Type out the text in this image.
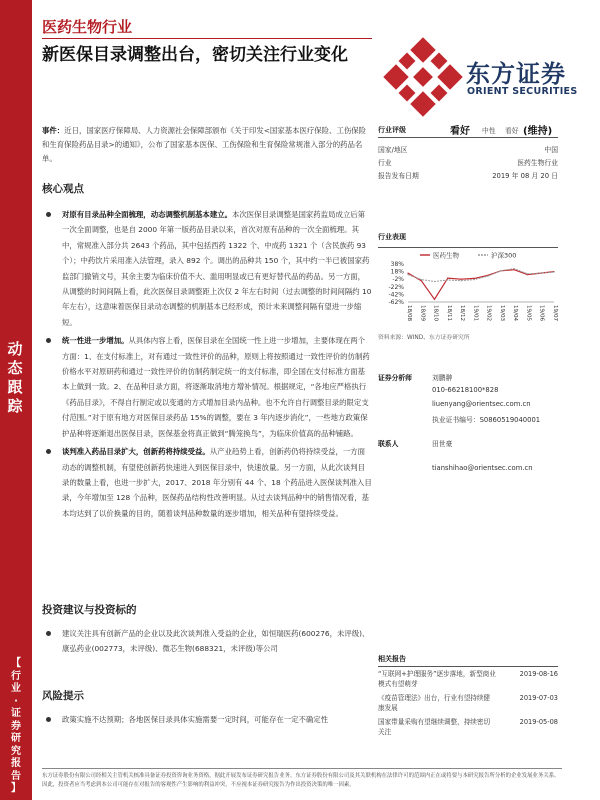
动
态
跟
踪
【
行
业
·
证
券
研
究
报
告
】
医药生物行业
新医保目录调整出台，密切关注行业变化
东方证券
ORIENT SECURITIES
事件：近日，国家医疗保障局、人力资源社会保障部颁布《关于印发<国家基本医疗保险、工伤保险和生育保险药品目录>的通知》，公布了国家基本医保、工伤保险和生育保险常规准入部分的药品名单。
核心观点
对原有目录品种全面梳理，动态调整机制基本建立。本次医保目录调整是国家药监局成立后第一次全面调整，也是自 2000 年第一版药品目录以来，首次对原有品种的一次全面梳理。其中，常规准入部分共 2643 个药品，其中包括西药 1322 个、中成药 1321 个（含民族药 93 个）；中药饮片采用准入法管理，录入 892 个。调出的品种共 150 个，其中约一半已被国家药监部门撤销文号，其余主要为临床价值不大、滥用明显或已有更好替代品的药品。另一方面，从调整的时间间隔上看，此次医保目录调整距上次仅 2 年左右时间（过去调整的时间间隔约 10 年左右），这意味着医保目录动态调整的机制基本已经形成，预计未来调整间隔有望进一步缩短。
统一性进一步增加。从具体内容上看，医保目录在全国统一性上进一步增加，主要体现在两个方面：1、在支付标准上，对有通过一致性评价的品种，原则上将按照通过一致性评价的仿制药价格水平对原研药和通过一致性评价的仿制药制定统一的支付标准，即全国在支付标准方面基本上做到一致。2、在品种目录方面，将逐渐取消地方增补情况。根据规定，“各地应严格执行《药品目录》，不得自行制定或以变通的方式增加目录内品种。也不允许自行调整目录的限定支付范围。”对于原有地方对医保目录药品 15%的调整，要在 3 年内逐步消化”，一些地方政策保护品种将逐渐退出医保目录，医保基金将真正做到“腾笼换鸟”，为临床价值高的品种铺路。
谈判准入药品目录扩大，创新药将持续受益。从产业趋势上看，创新药仍将持续受益，一方面动态的调整机制，有望使创新药快速进入到医保目录中，快速放量。另一方面，从此次谈判目录的数量上看，也进一步扩大，2017、2018 年分别有 44 个、18 个药品进入医保谈判准入目录，今年增加至 128 个品种，医保药品结构性改善明显。从过去谈判品种中的销售情况看，基本均达到了以价换量的目的，随着谈判品种数量的逐步增加，相关品种有望持续受益。
投资建议与投资标的
建议关注具有创新产品的企业以及此次谈判准入受益的企业，如恒瑞医药(600276，未评级)、康弘药业(002773，未评级)、微芯生物(688321，未评级)等公司
风险提示
政策实施不达预期；各地医保目录具体实施需要一定时间，可能存在一定不确定性
行业评级	看好 中性 看好 (维持)
国家/地区	中国
行业	医药生物行业
报告发布日期	2019 年 08 月 20 日
行业表现
医药生物	沪深300
38%
18%
-2%
-22%
-42%
-62%
18/08 18/09 18/10 18/11 18/12 19/01 19/02 19/03 19/04 19/05 19/06 19/07
资料来源：WIND、东方证券研究所
证券分析师	刘鹏翀
010-66218100*828
liuenyang@orientsec.com.cn
执业证书编号：S0860519040001
联系人	田世豪
tianshihao@orientsec.com.cn
相关报告
“互联网+护理服务”逐步落地，新型商业模式有望萌芽
2019-08-16
《疫苗管理法》出台，行业有望持续健康发展
2019-07-03
国家带量采购有望继续调整，持续密切关注
2019-05-08
东方证券股份有限公司经相关主管机关核准具备证券投资咨询业务资格，据此开展发布证券研究报告业务。东方证券股份有限公司及其关联机构在法律许可的范围内正在或将要与本研究报告所分析的企业发展业务关系。因此，投资者应当考虑到本公司可能存在对报告的客观性产生影响的利益冲突，不应视本证券研究报告为作出投资决策的唯一因素。
